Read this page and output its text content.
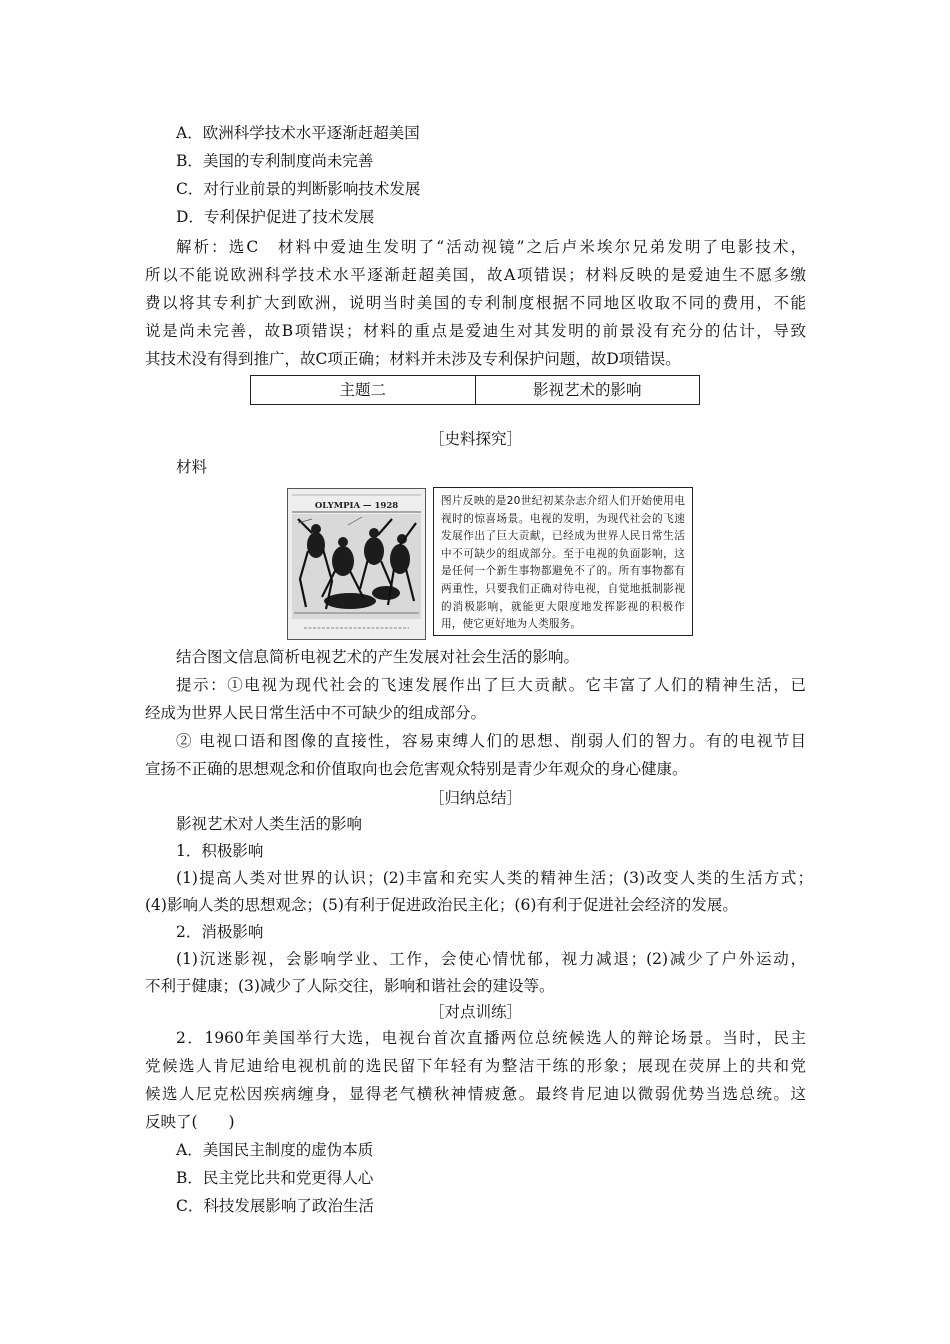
A．欧洲科学技术水平逐渐赶超美国
B．美国的专利制度尚未完善
C．对行业前景的判断影响技术发展
D．专利保护促进了技术发展
解析：选C　材料中爱迪生发明了“活动视镜”之后卢米埃尔兄弟发明了电影技术，
所以不能说欧洲科学技术水平逐渐赶超美国，故A项错误；材料反映的是爱迪生不愿多缴
费以将其专利扩大到欧洲，说明当时美国的专利制度根据不同地区收取不同的费用，不能
说是尚未完善，故B项错误；材料的重点是爱迪生对其发明的前景没有充分的估计，导致
其技术没有得到推广，故C项正确；材料并未涉及专利保护问题，故D项错误。
主题二	影视艺术的影响
［史料探究］
材料
OLYMPIA — 1928	图片反映的是20世纪初某杂志介绍人们开始使用电视时的惊喜场景。电视的发明，为现代社会的飞速发展作出了巨大贡献，已经成为世界人民日常生活中不可缺少的组成部分。至于电视的负面影响，这是任何一个新生事物都避免不了的。所有事物都有两重性，只要我们正确对待电视，自觉地抵制影视的消极影响，就能更大限度地发挥影视的积极作用，使它更好地为人类服务。
结合图文信息简析电视艺术的产生发展对社会生活的影响。
提示：①电视为现代社会的飞速发展作出了巨大贡献。它丰富了人们的精神生活，已
经成为世界人民日常生活中不可缺少的组成部分。
② 电视口语和图像的直接性，容易束缚人们的思想、削弱人们的智力。有的电视节目
宣扬不正确的思想观念和价值取向也会危害观众特别是青少年观众的身心健康。
［归纳总结］
影视艺术对人类生活的影响
1．积极影响
(1)提高人类对世界的认识；(2)丰富和充实人类的精神生活；(3)改变人类的生活方式；
(4)影响人类的思想观念；(5)有利于促进政治民主化；(6)有利于促进社会经济的发展。
2．消极影响
(1)沉迷影视，会影响学业、工作，会使心情忧郁，视力减退；(2)减少了户外运动，
不利于健康；(3)减少了人际交往，影响和谐社会的建设等。
［对点训练］
2．1960年美国举行大选，电视台首次直播两位总统候选人的辩论场景。当时，民主
党候选人肯尼迪给电视机前的选民留下年轻有为整洁干练的形象；展现在荧屏上的共和党
候选人尼克松因疾病缠身，显得老气横秋神情疲惫。最终肯尼迪以微弱优势当选总统。这
反映了(　　)
A．美国民主制度的虚伪本质
B．民主党比共和党更得人心
C．科技发展影响了政治生活
